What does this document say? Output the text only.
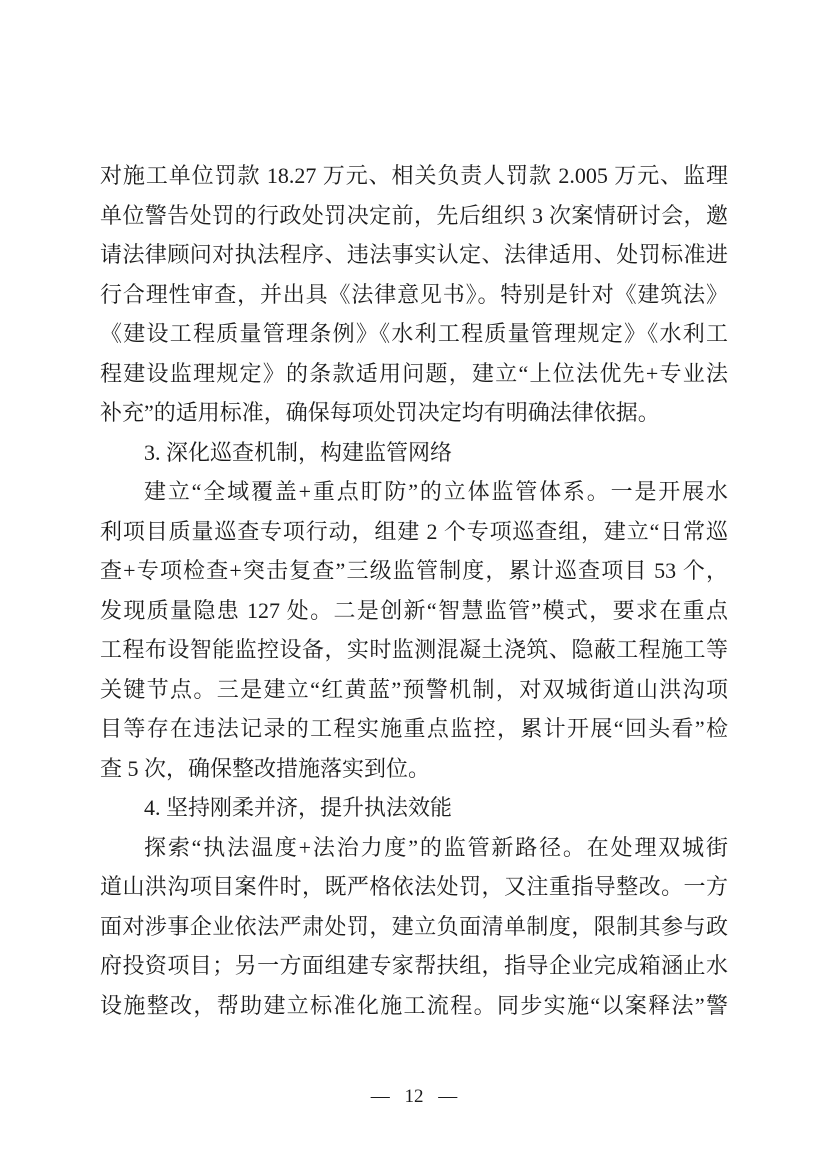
对施工单位罚款 18.27 万元、相关负责人罚款 2.005 万元、监理
单位警告处罚的行政处罚决定前，先后组织 3 次案情研讨会，邀
请法律顾问对执法程序、违法事实认定、法律适用、处罚标准进
行合理性审查，并出具《法律意见书》。特别是针对《建筑法》
《建设工程质量管理条例》《水利工程质量管理规定》《水利工
程建设监理规定》的条款适用问题，建立“上位法优先+专业法
补充”的适用标准，确保每项处罚决定均有明确法律依据。
3. 深化巡查机制，构建监管网络
建立“全域覆盖+重点盯防”的立体监管体系。一是开展水
利项目质量巡查专项行动，组建 2 个专项巡查组，建立“日常巡
查+专项检查+突击复查”三级监管制度，累计巡查项目 53 个，
发现质量隐患 127 处。二是创新“智慧监管”模式，要求在重点
工程布设智能监控设备，实时监测混凝土浇筑、隐蔽工程施工等
关键节点。三是建立“红黄蓝”预警机制，对双城街道山洪沟项
目等存在违法记录的工程实施重点监控，累计开展“回头看”检
查 5 次，确保整改措施落实到位。
4. 坚持刚柔并济，提升执法效能
探索“执法温度+法治力度”的监管新路径。在处理双城街
道山洪沟项目案件时，既严格依法处罚，又注重指导整改。一方
面对涉事企业依法严肃处罚，建立负面清单制度，限制其参与政
府投资项目；另一方面组建专家帮扶组，指导企业完成箱涵止水
设施整改，帮助建立标准化施工流程。同步实施“以案释法”警
— 12 —
